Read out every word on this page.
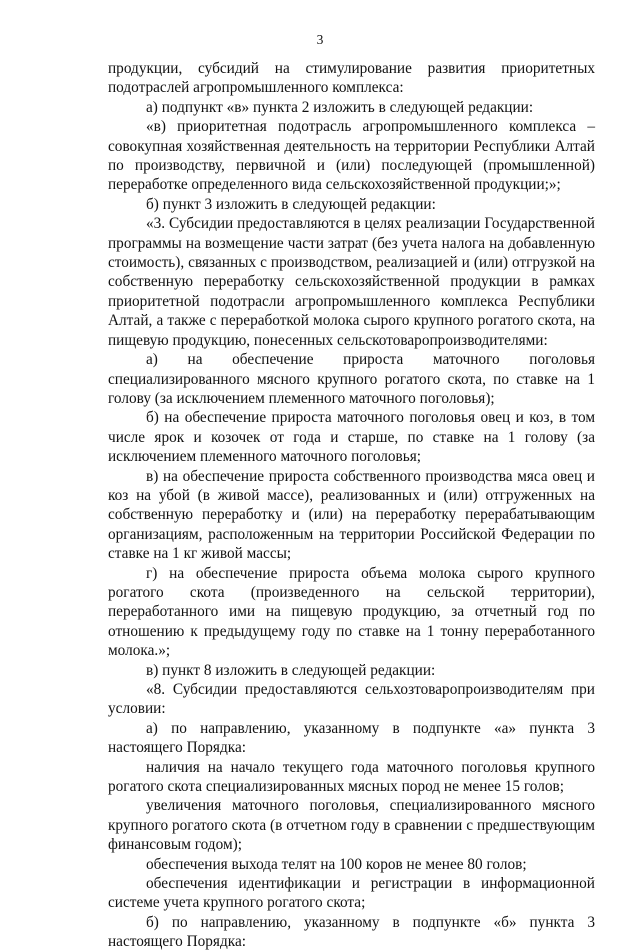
3

продукции, субсидий на стимулирование развития приоритетных подотраслей агропромышленного комплекса:

а) подпункт «в» пункта 2 изложить в следующей редакции:

«в) приоритетная подотрасль агропромышленного комплекса – совокупная хозяйственная деятельность на территории Республики Алтай по производству, первичной и (или) последующей (промышленной) переработке определенного вида сельскохозяйственной продукции;»;

б) пункт 3 изложить в следующей редакции:

«3. Субсидии предоставляются в целях реализации Государственной программы на возмещение части затрат (без учета налога на добавленную стоимость), связанных с производством, реализацией и (или) отгрузкой на собственную переработку сельскохозяйственной продукции в рамках приоритетной подотрасли агропромышленного комплекса Республики Алтай, а также с переработкой молока сырого крупного рогатого скота, на пищевую продукцию, понесенных сельскотоваропроизводителями:

а) на обеспечение прироста маточного поголовья специализированного мясного крупного рогатого скота, по ставке на 1 голову (за исключением племенного маточного поголовья);

б) на обеспечение прироста маточного поголовья овец и коз, в том числе ярок и козочек от года и старше, по ставке на 1 голову (за исключением племенного маточного поголовья;

в) на обеспечение прироста собственного производства мяса овец и коз на убой (в живой массе), реализованных и (или) отгруженных на собственную переработку и (или) на переработку перерабатывающим организациям, расположенным на территории Российской Федерации по ставке на 1 кг живой массы;

г) на обеспечение прироста объема молока сырого крупного рогатого скота (произведенного на сельской территории), переработанного ими на пищевую продукцию, за отчетный год по отношению к предыдущему году по ставке на 1 тонну переработанного молока.»;

в) пункт 8 изложить в следующей редакции:

«8. Субсидии предоставляются сельхозтоваропроизводителям при условии:

а) по направлению, указанному в подпункте «а» пункта 3 настоящего Порядка:

наличия на начало текущего года маточного поголовья крупного рогатого скота специализированных мясных пород не менее 15 голов;

увеличения маточного поголовья, специализированного мясного крупного рогатого скота (в отчетном году в сравнении с предшествующим финансовым годом);

обеспечения выхода телят на 100 коров не менее 80 голов;

обеспечения идентификации и регистрации в информационной системе учета крупного рогатого скота;

б) по направлению, указанному в подпункте «б» пункта 3 настоящего Порядка:
